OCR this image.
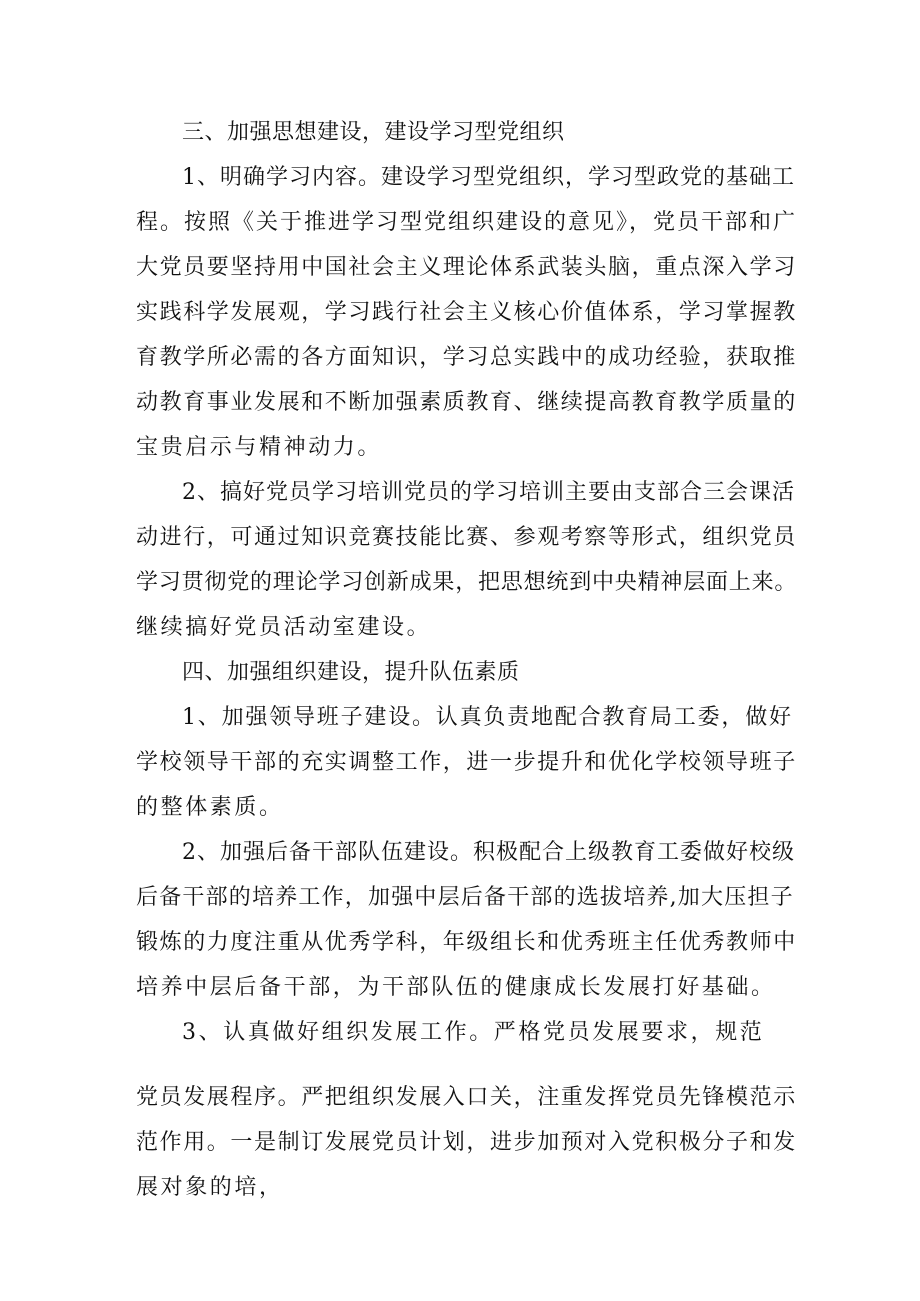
三、加强思想建设，建设学习型党组织
1、明确学习内容。建设学习型党组织，学习型政党的基础工
程。按照《关于推进学习型党组织建设的意见》，党员干部和广
大党员要坚持用中国社会主义理论体系武装头脑，重点深入学习
实践科学发展观，学习践行社会主义核心价值体系，学习掌握教
育教学所必需的各方面知识，学习总实践中的成功经验，获取推
动教育事业发展和不断加强素质教育、继续提高教育教学质量的
宝贵启示与精神动力。
2、搞好党员学习培训党员的学习培训主要由支部合三会课活
动进行，可通过知识竞赛技能比赛、参观考察等形式，组织党员
学习贯彻党的理论学习创新成果，把思想统到中央精神层面上来。
继续搞好党员活动室建设。
四、加强组织建设，提升队伍素质
1、加强领导班子建设。认真负责地配合教育局工委，做好
学校领导干部的充实调整工作，进一步提升和优化学校领导班子
的整体素质。
2、加强后备干部队伍建设。积极配合上级教育工委做好校级
后备干部的培养工作，加强中层后备干部的选拔培养,加大压担子
锻炼的力度注重从优秀学科，年级组长和优秀班主任优秀教师中
培养中层后备干部，为干部队伍的健康成长发展打好基础。
3、认真做好组织发展工作。严格党员发展要求，规范
党员发展程序。严把组织发展入口关，注重发挥党员先锋模范示
范作用。一是制订发展党员计划，进步加预对入党积极分子和发
展对象的培，
